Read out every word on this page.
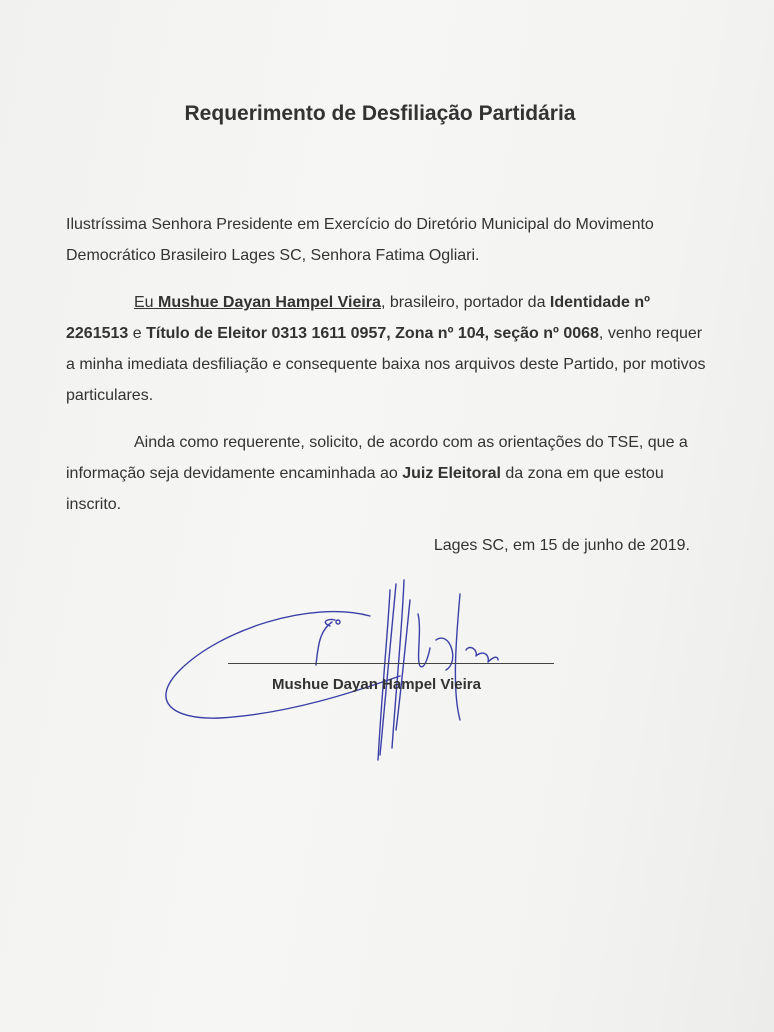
Requerimento de Desfiliação Partidária
Ilustríssima Senhora Presidente em Exercício do Diretório Municipal do Movimento Democrático Brasileiro Lages SC, Senhora Fatima Ogliari.
Eu Mushue Dayan Hampel Vieira, brasileiro, portador da Identidade nº 2261513 e Título de Eleitor 0313 1611 0957, Zona nº 104, seção nº 0068, venho requer a minha imediata desfiliação e consequente baixa nos arquivos deste Partido, por motivos particulares.
Ainda como requerente, solicito, de acordo com as orientações do TSE, que a informação seja devidamente encaminhada ao Juiz Eleitoral da zona em que estou inscrito.
Lages SC, em 15 de junho de 2019.
Mushue Dayan Hampel Vieira
